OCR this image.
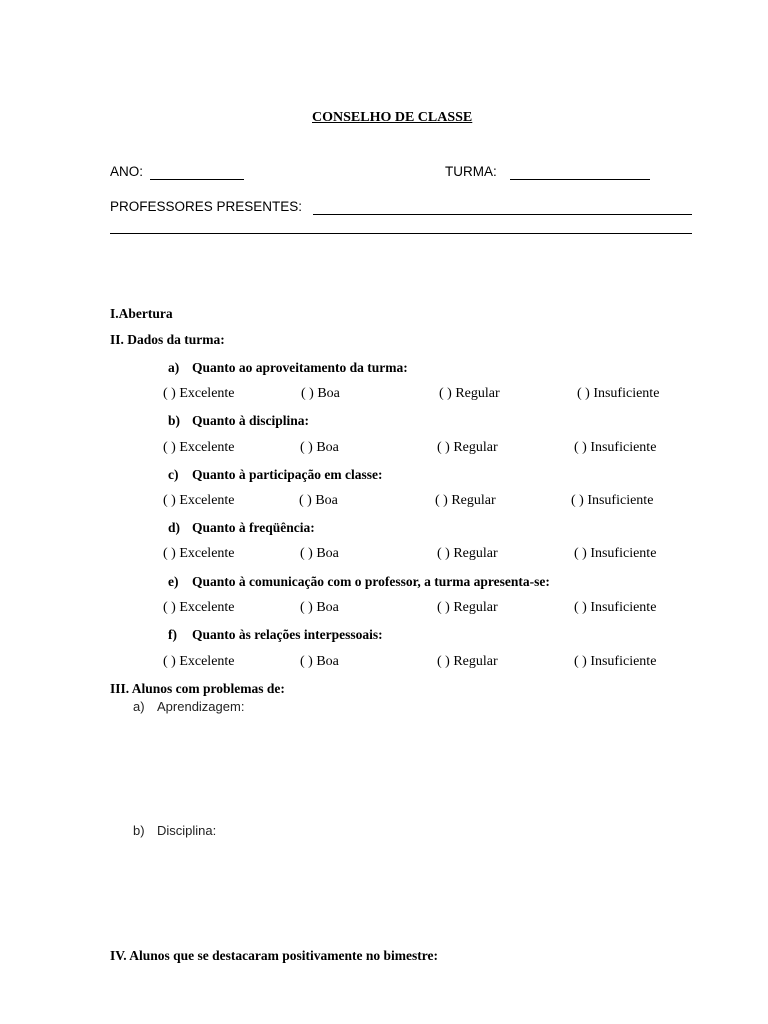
CONSELHO DE CLASSE
ANO:	TURMA:
PROFESSORES PRESENTES:
I.Abertura
II. Dados da turma:
a) Quanto ao aproveitamento da turma:
( ) Excelente	( ) Boa	( ) Regular	( ) Insuficiente
b) Quanto à disciplina:
( ) Excelente	( ) Boa	( ) Regular	( ) Insuficiente
c) Quanto à participação em classe:
( ) Excelente	( ) Boa	( ) Regular	( ) Insuficiente
d) Quanto à freqüência:
( ) Excelente	( ) Boa	( ) Regular	( ) Insuficiente
e) Quanto à comunicação com o professor, a turma apresenta-se:
( ) Excelente	( ) Boa	( ) Regular	( ) Insuficiente
f) Quanto às relações interpessoais:
( ) Excelente	( ) Boa	( ) Regular	( ) Insuficiente
III. Alunos com problemas de:
a) Aprendizagem:
b) Disciplina:
IV. Alunos que se destacaram positivamente no bimestre:
